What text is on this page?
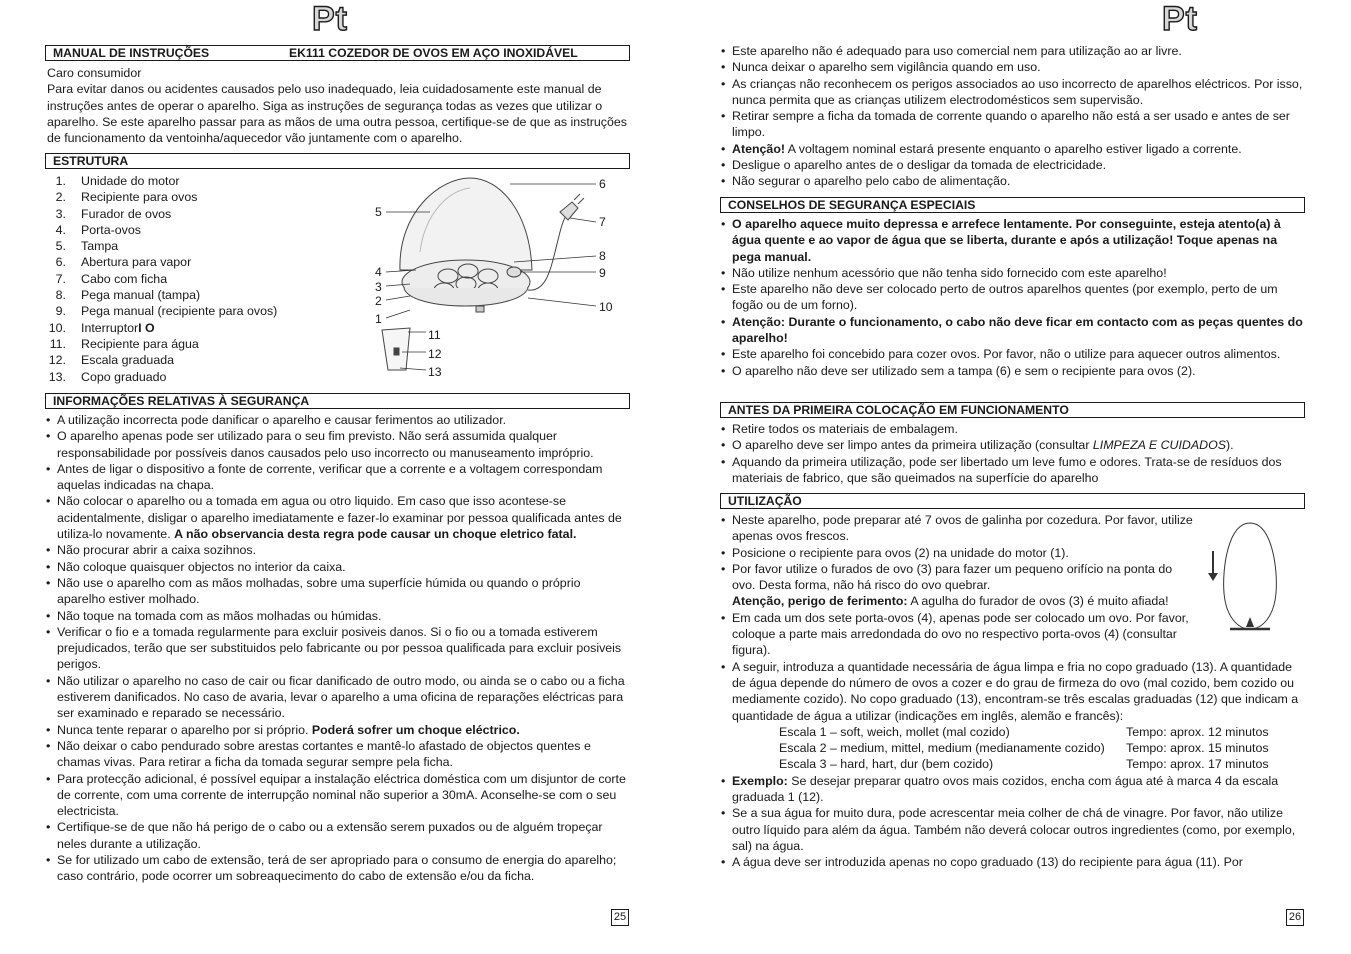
Pt
MANUAL DE INSTRUÇÕES	EK111 COZEDOR DE OVOS EM AÇO INOXIDÁVEL

Caro consumidor

Para evitar danos ou acidentes causados pelo uso inadequado, leia cuidadosamente este manual de instruções antes de operar o aparelho. Siga as instruções de segurança todas as vezes que utilizar o aparelho. Se este aparelho passar para as mãos de uma outra pessoa, certifique-se de que as instruções de funcionamento da ventoinha/aquecedor vão juntamente com o aparelho.

ESTRUTURA
1. Unidade do motor
2. Recipiente para ovos
3. Furador de ovos
4. Porta-ovos
5. Tampa
6. Abertura para vapor
7. Cabo com ficha
8. Pega manual (tampa)
9. Pega manual (recipiente para ovos)
10. Interruptor I O
11. Recipiente para água
12. Escala graduada
13. Copo graduado
6
7
8
9
10
5
4
3
2
1
11
12
13
INFORMAÇÕES RELATIVAS À SEGURANÇA
• A utilização incorrecta pode danificar o aparelho e causar ferimentos ao utilizador.
• O aparelho apenas pode ser utilizado para o seu fim previsto. Não será assumida qualquer responsabilidade por possíveis danos causados pelo uso incorrecto ou manuseamento impróprio.
• Antes de ligar o dispositivo a fonte de corrente, verificar que a corrente e a voltagem correspondam aquelas indicadas na chapa.
• Não colocar o aparelho ou a tomada em agua ou otro liquido. Em caso que isso acontese-se acidentalmente, disligar o aparelho imediatamente e fazer-lo examinar por pessoa qualificada antes de utiliza-lo novamente. A não observancia desta regra pode causar un choque eletrico fatal.
• Não procurar abrir a caixa sozihnos.
• Não coloque quaisquer objectos no interior da caixa.
• Não use o aparelho com as mãos molhadas, sobre uma superfície húmida ou quando o próprio aparelho estiver molhado.
• Não toque na tomada com as mãos molhadas ou húmidas.
• Verificar o fio e a tomada regularmente para excluir posiveis danos. Si o fio ou a tomada estiverem prejudicados, terão que ser substituidos pelo fabricante ou por pessoa qualificada para excluir posiveis perigos.
• Não utilizar o aparelho no caso de cair ou ficar danificado de outro modo, ou ainda se o cabo ou a ficha estiverem danificados. No caso de avaria, levar o aparelho a uma oficina de reparações eléctricas para ser examinado e reparado se necessário.
• Nunca tente reparar o aparelho por si próprio. Poderá sofrer um choque eléctrico.
• Não deixar o cabo pendurado sobre arestas cortantes e mantê-lo afastado de objectos quentes e chamas vivas. Para retirar a ficha da tomada segurar sempre pela ficha.
• Para protecção adicional, é possível equipar a instalação eléctrica doméstica com um disjuntor de corte de corrente, com uma corrente de interrupção nominal não superior a 30mA. Aconselhe-se com o seu electricista.
• Certifique-se de que não há perigo de o cabo ou a extensão serem puxados ou de alguém tropeçar neles durante a utilização.
• Se for utilizado um cabo de extensão, terá de ser apropriado para o consumo de energia do aparelho; caso contrário, pode ocorrer um sobreaquecimento do cabo de extensão e/ou da ficha.
25
Pt
• Este aparelho não é adequado para uso comercial nem para utilização ao ar livre.
• Nunca deixar o aparelho sem vigilância quando em uso.
• As crianças não reconhecem os perigos associados ao uso incorrecto de aparelhos eléctricos. Por isso, nunca permita que as crianças utilizem electrodomésticos sem supervisão.
• Retirar sempre a ficha da tomada de corrente quando o aparelho não está a ser usado e antes de ser limpo.
• Atenção! A voltagem nominal estará presente enquanto o aparelho estiver ligado a corrente.
• Desligue o aparelho antes de o desligar da tomada de electricidade.
• Não segurar o aparelho pelo cabo de alimentação.
CONSELHOS DE SEGURANÇA ESPECIAIS
• O aparelho aquece muito depressa e arrefece lentamente. Por conseguinte, esteja atento(a) à água quente e ao vapor de água que se liberta, durante e após a utilização! Toque apenas na pega manual.
• Não utilize nenhum acessório que não tenha sido fornecido com este aparelho!
• Este aparelho não deve ser colocado perto de outros aparelhos quentes (por exemplo, perto de um fogão ou de um forno).
• Atenção: Durante o funcionamento, o cabo não deve ficar em contacto com as peças quentes do aparelho!
• Este aparelho foi concebido para cozer ovos. Por favor, não o utilize para aquecer outros alimentos.
• O aparelho não deve ser utilizado sem a tampa (6) e sem o recipiente para ovos (2).
ANTES DA PRIMEIRA COLOCAÇÃO EM FUNCIONAMENTO
• Retire todos os materiais de embalagem.
• O aparelho deve ser limpo antes da primeira utilização (consultar LIMPEZA E CUIDADOS).
• Aquando da primeira utilização, pode ser libertado um leve fumo e odores. Trata-se de resíduos dos materiais de fabrico, que são queimados na superfície do aparelho
UTILIZAÇÃO
• Neste aparelho, pode preparar até 7 ovos de galinha por cozedura. Por favor, utilize apenas ovos frescos.
• Posicione o recipiente para ovos (2) na unidade do motor (1).
• Por favor utilize o furados de ovo (3) para fazer um pequeno orifício na ponta do ovo. Desta forma, não há risco do ovo quebrar.
Atenção, perigo de ferimento: A agulha do furador de ovos (3) é muito afiada!
• Em cada um dos sete porta-ovos (4), apenas pode ser colocado um ovo. Por favor, coloque a parte mais arredondada do ovo no respectivo porta-ovos (4) (consultar figura).
• A seguir, introduza a quantidade necessária de água limpa e fria no copo graduado (13). A quantidade de água depende do número de ovos a cozer e do grau de firmeza do ovo (mal cozido, bem cozido ou mediamente cozido). No copo graduado (13), encontram-se três escalas graduadas (12) que indicam a quantidade de água a utilizar (indicações em inglês, alemão e francês):
Escala 1 – soft, weich, mollet (mal cozido)	Tempo: aprox. 12 minutos
Escala 2 – medium, mittel, medium (medianamente cozido)	Tempo: aprox. 15 minutos
Escala 3 – hard, hart, dur (bem cozido)	Tempo: aprox. 17 minutos
• Exemplo: Se desejar preparar quatro ovos mais cozidos, encha com água até à marca 4 da escala graduada 1 (12).
• Se a sua água for muito dura, pode acrescentar meia colher de chá de vinagre. Por favor, não utilize outro líquido para além da água. Também não deverá colocar outros ingredientes (como, por exemplo, sal) na água.
• A água deve ser introduzida apenas no copo graduado (13) do recipiente para água (11). Por
26
